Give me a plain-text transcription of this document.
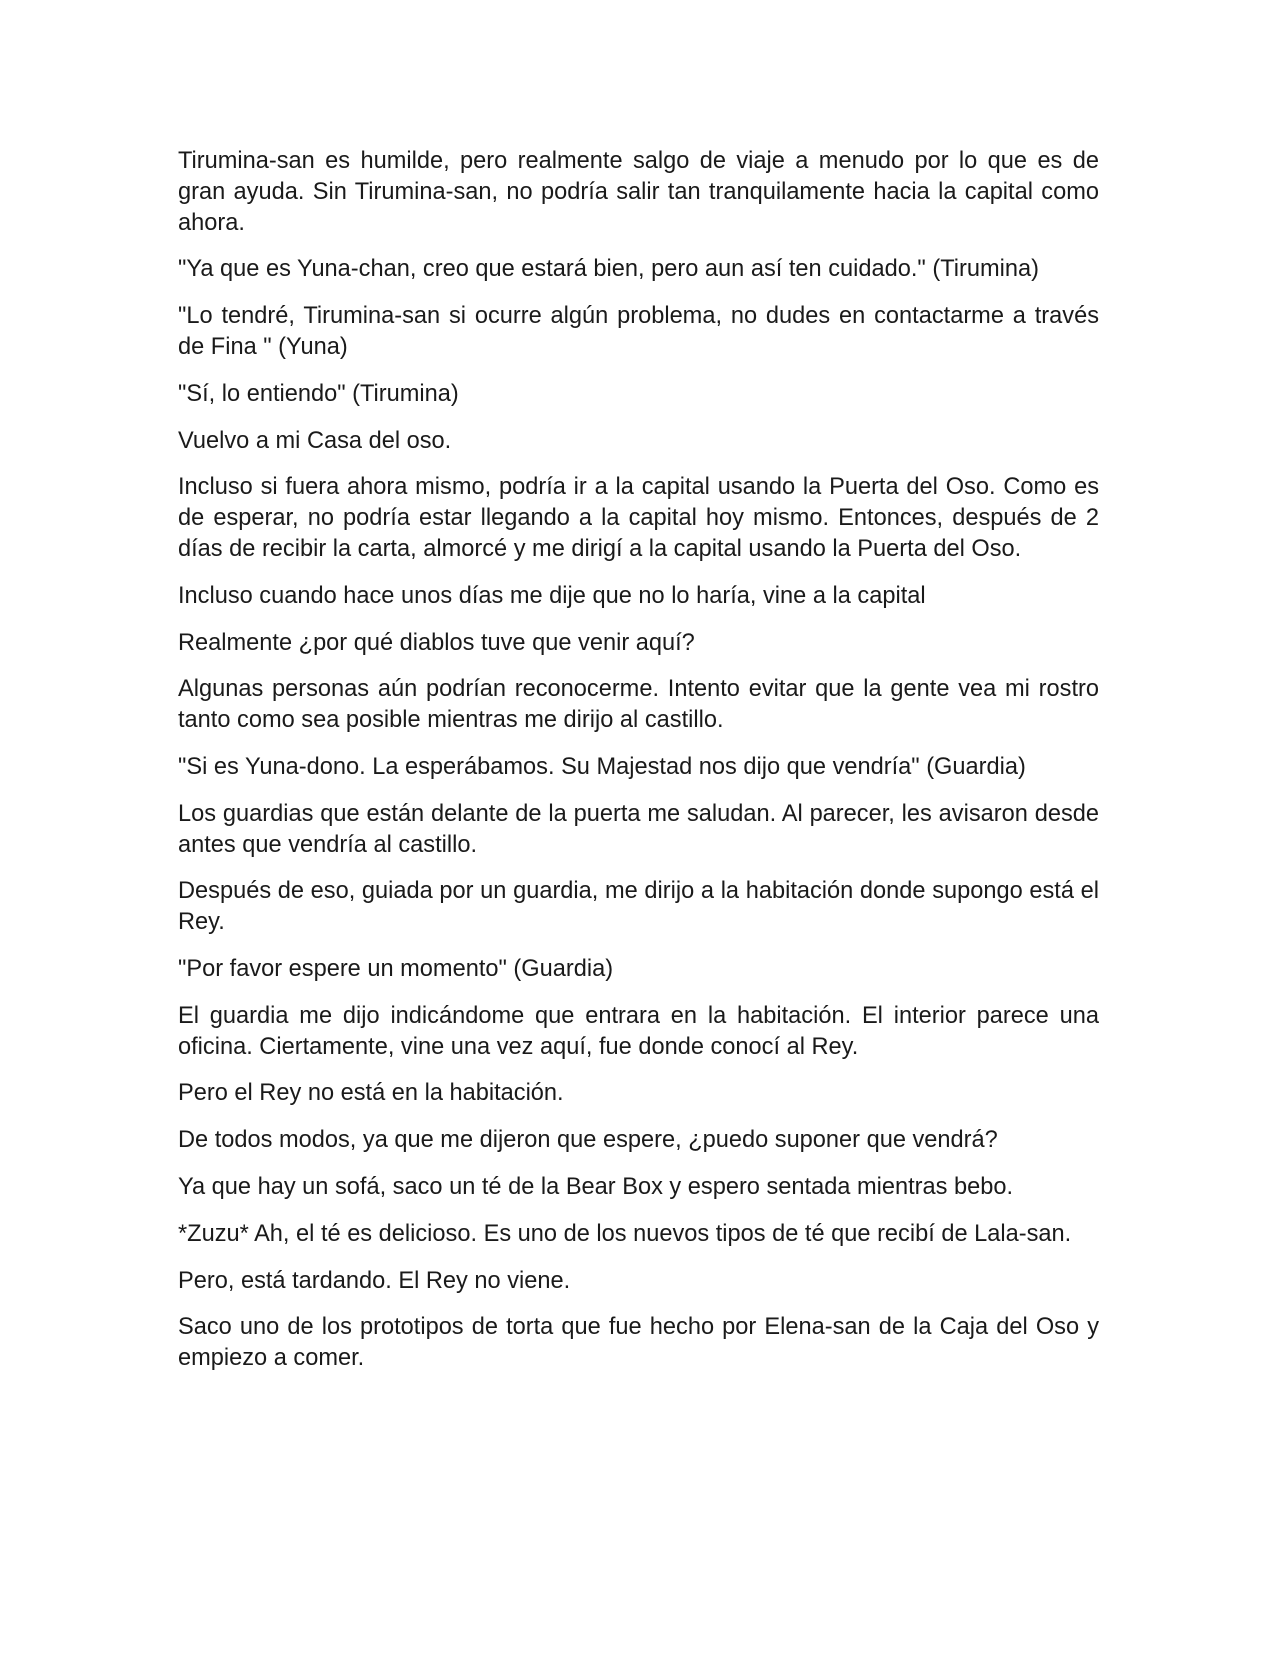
Tirumina-san es humilde, pero realmente salgo de viaje a menudo por lo que es de gran ayuda. Sin Tirumina-san, no podría salir tan tranquilamente hacia la capital como ahora.

"Ya que es Yuna-chan, creo que estará bien, pero aun así ten cuidado." (Tirumina)

"Lo tendré, Tirumina-san si ocurre algún problema, no dudes en contactarme a través de Fina " (Yuna)

"Sí, lo entiendo" (Tirumina)

Vuelvo a mi Casa del oso.

Incluso si fuera ahora mismo, podría ir a la capital usando la Puerta del Oso. Como es de esperar, no podría estar llegando a la capital hoy mismo. Entonces, después de 2 días de recibir la carta, almorcé y me dirigí a la capital usando la Puerta del Oso.

Incluso cuando hace unos días me dije que no lo haría, vine a la capital

Realmente ¿por qué diablos tuve que venir aquí?

Algunas personas aún podrían reconocerme. Intento evitar que la gente vea mi rostro tanto como sea posible mientras me dirijo al castillo.

"Si es Yuna-dono. La esperábamos. Su Majestad nos dijo que vendría" (Guardia)

Los guardias que están delante de la puerta me saludan. Al parecer, les avisaron desde antes que vendría al castillo.

Después de eso, guiada por un guardia, me dirijo a la habitación donde supongo está el Rey.

"Por favor espere un momento" (Guardia)

El guardia me dijo indicándome que entrara en la habitación. El interior parece una oficina. Ciertamente, vine una vez aquí, fue donde conocí al Rey.

Pero el Rey no está en la habitación.

De todos modos, ya que me dijeron que espere, ¿puedo suponer que vendrá?

Ya que hay un sofá, saco un té de la Bear Box y espero sentada mientras bebo.

*Zuzu* Ah, el té es delicioso. Es uno de los nuevos tipos de té que recibí de Lala-san.

Pero, está tardando. El Rey no viene.

Saco uno de los prototipos de torta que fue hecho por Elena-san de la Caja del Oso y empiezo a comer.
